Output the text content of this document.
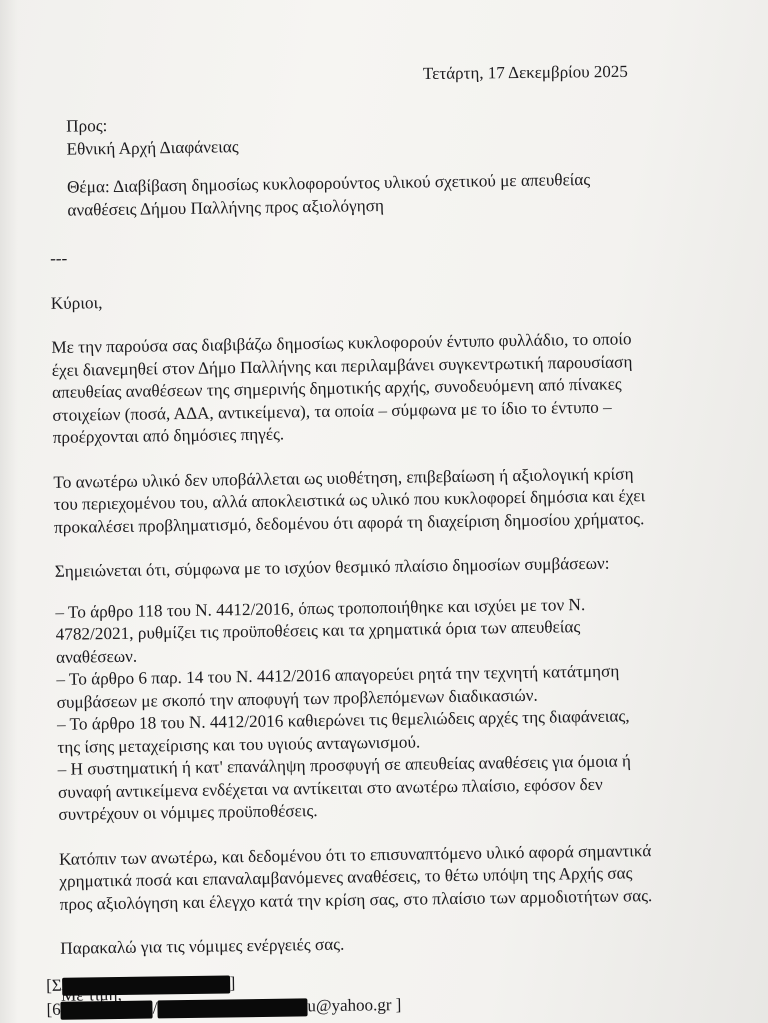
Τετάρτη, 17 Δεκεμβρίου 2025

Προς:

Εθνική Αρχή Διαφάνειας

Θέμα: Διαβίβαση δημοσίως κυκλοφορούντος υλικού σχετικού με απευθείας

αναθέσεις Δήμου Παλλήνης προς αξιολόγηση

---

Κύριοι,

Με την παρούσα σας διαβιβάζω δημοσίως κυκλοφορούν έντυπο φυλλάδιο, το οποίο

έχει διανεμηθεί στον Δήμο Παλλήνης και περιλαμβάνει συγκεντρωτική παρουσίαση

απευθείας αναθέσεων της σημερινής δημοτικής αρχής, συνοδευόμενη από πίνακες

στοιχείων (ποσά, ΑΔΑ, αντικείμενα), τα οποία – σύμφωνα με το ίδιο το έντυπο –

προέρχονται από δημόσιες πηγές.

Το ανωτέρω υλικό δεν υποβάλλεται ως υιοθέτηση, επιβεβαίωση ή αξιολογική κρίση

του περιεχομένου του, αλλά αποκλειστικά ως υλικό που κυκλοφορεί δημόσια και έχει

προκαλέσει προβληματισμό, δεδομένου ότι αφορά τη διαχείριση δημοσίου χρήματος.

Σημειώνεται ότι, σύμφωνα με το ισχύον θεσμικό πλαίσιο δημοσίων συμβάσεων:

– Το άρθρο 118 του Ν. 4412/2016, όπως τροποποιήθηκε και ισχύει με τον Ν.

4782/2021, ρυθμίζει τις προϋποθέσεις και τα χρηματικά όρια των απευθείας

αναθέσεων.

– Το άρθρο 6 παρ. 14 του Ν. 4412/2016 απαγορεύει ρητά την τεχνητή κατάτμηση

συμβάσεων με σκοπό την αποφυγή των προβλεπόμενων διαδικασιών.

– Το άρθρο 18 του Ν. 4412/2016 καθιερώνει τις θεμελιώδεις αρχές της διαφάνειας,

της ίσης μεταχείρισης και του υγιούς ανταγωνισμού.

– Η συστηματική ή κατ' επανάληψη προσφυγή σε απευθείας αναθέσεις για όμοια ή

συναφή αντικείμενα ενδέχεται να αντίκειται στο ανωτέρω πλαίσιο, εφόσον δεν

συντρέχουν οι νόμιμες προϋποθέσεις.

Κατόπιν των ανωτέρω, και δεδομένου ότι το επισυναπτόμενο υλικό αφορά σημαντικά

χρηματικά ποσά και επαναλαμβανόμενες αναθέσεις, το θέτω υπόψη της Αρχής σας

προς αξιολόγηση και έλεγχο κατά την κρίση σας, στο πλαίσιο των αρμοδιοτήτων σας.

Παρακαλώ για τις νόμιμες ενέργειές σας.

[Σ	]
[6	/	u@yahoo.gr ]
